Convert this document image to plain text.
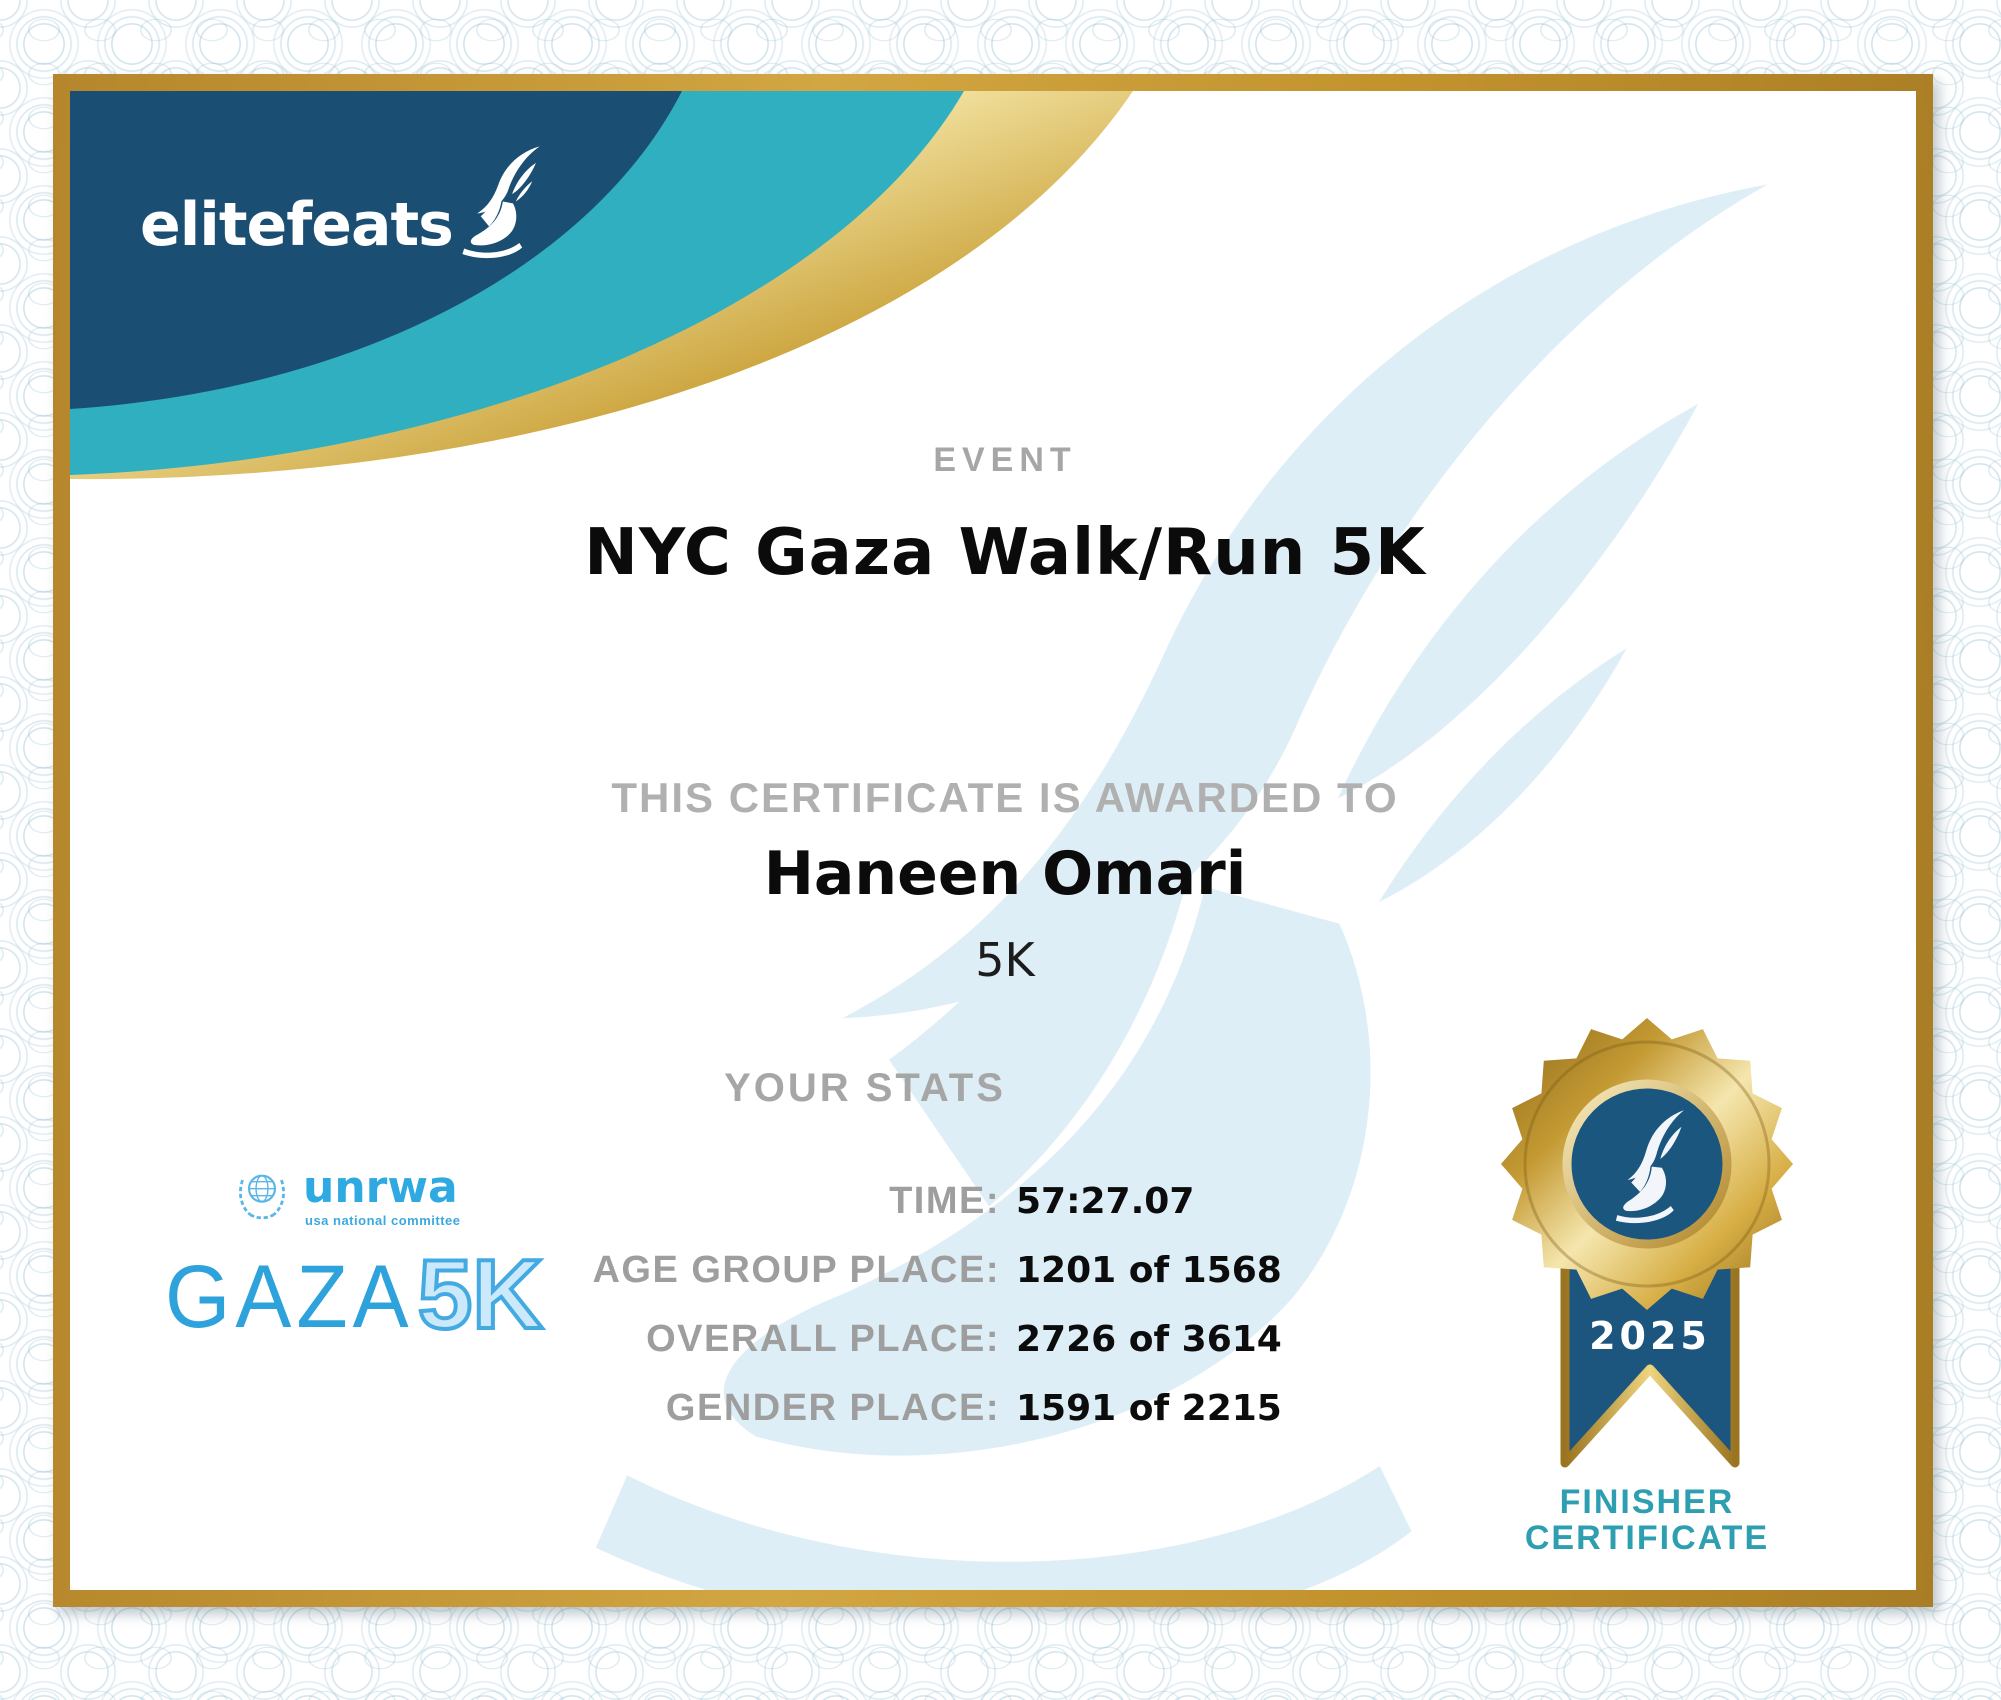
elitefeats
EVENT
NYC Gaza Walk/Run 5K
THIS CERTIFICATE IS AWARDED TO
Haneen Omari
5K
YOUR STATS
TIME: 57:27.07
AGE GROUP PLACE: 1201 of 1568
OVERALL PLACE: 2726 of 3614
GENDER PLACE: 1591 of 2215
unrwa
usa national committee
GAZA 5K	2025
FINISHER
CERTIFICATE
